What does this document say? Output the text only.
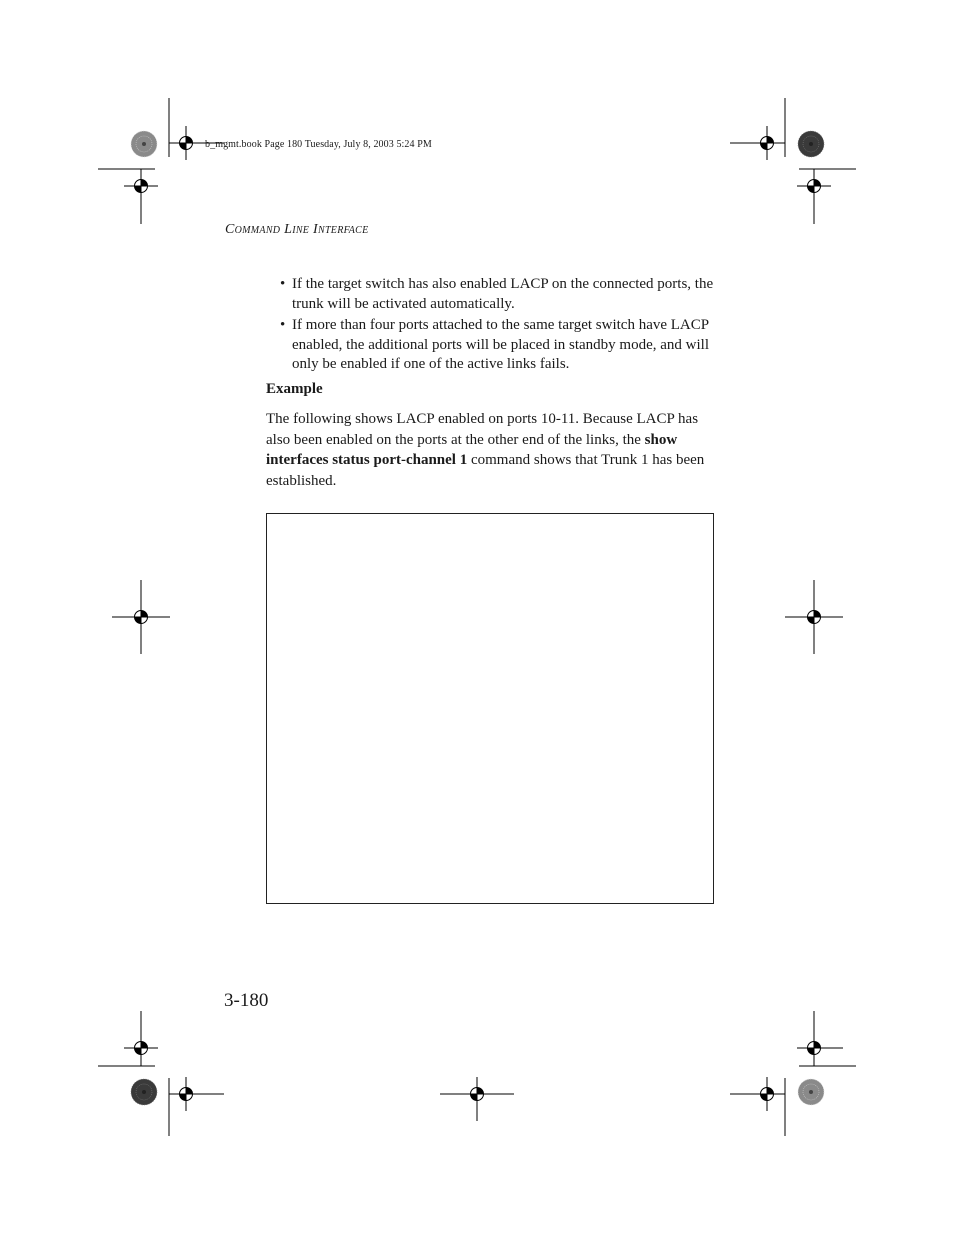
b_mgmt.book Page 180 Tuesday, July 8, 2003 5:24 PM
Command Line Interface
• If the target switch has also enabled LACP on the connected ports, the trunk will be activated automatically.
• If more than four ports attached to the same target switch have LACP enabled, the additional ports will be placed in standby mode, and will only be enabled if one of the active links fails.
Example

The following shows LACP enabled on ports 10-11. Because LACP has also been enabled on the ports at the other end of the links, the show interfaces status port-channel 1 command shows that Trunk 1 has been established.

3-180
